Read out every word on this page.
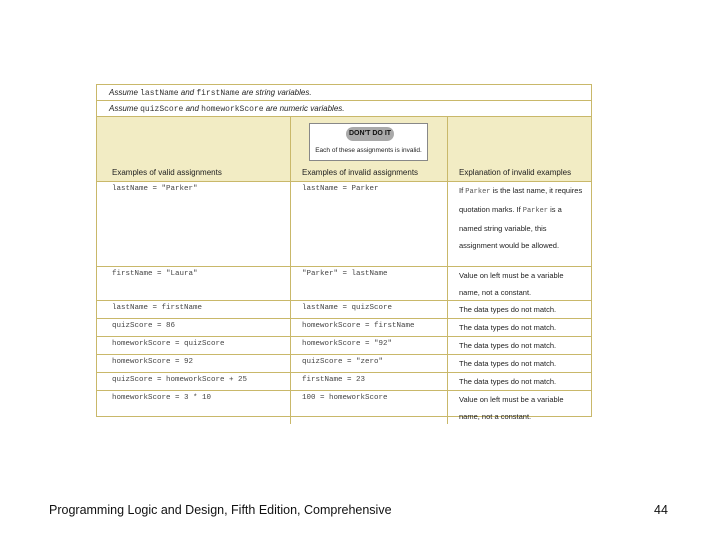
Assume lastName and firstName are string variables.
Assume quizScore and homeworkScore are numeric variables.
DON'T DO IT
Each of these assignments is invalid.
Examples of valid assignments	Examples of invalid assignments	Explanation of invalid examples
lastName = "Parker"	lastName = Parker	If Parker is the last name, it requires quotation marks. If Parker is a named string variable, this assignment would be allowed.
firstName = "Laura"	"Parker" = lastName	Value on left must be a variable name, not a constant.
lastName = firstName	lastName = quizScore	The data types do not match.
quizScore = 86	homeworkScore = firstName	The data types do not match.
homeworkScore = quizScore	homeworkScore = "92"	The data types do not match.
homeworkScore = 92	quizScore = "zero"	The data types do not match.
quizScore = homeworkScore + 25	firstName = 23	The data types do not match.
homeworkScore = 3 * 10	100 = homeworkScore	Value on left must be a variable name, not a constant.
Programming Logic and Design, Fifth Edition, Comprehensive	44
